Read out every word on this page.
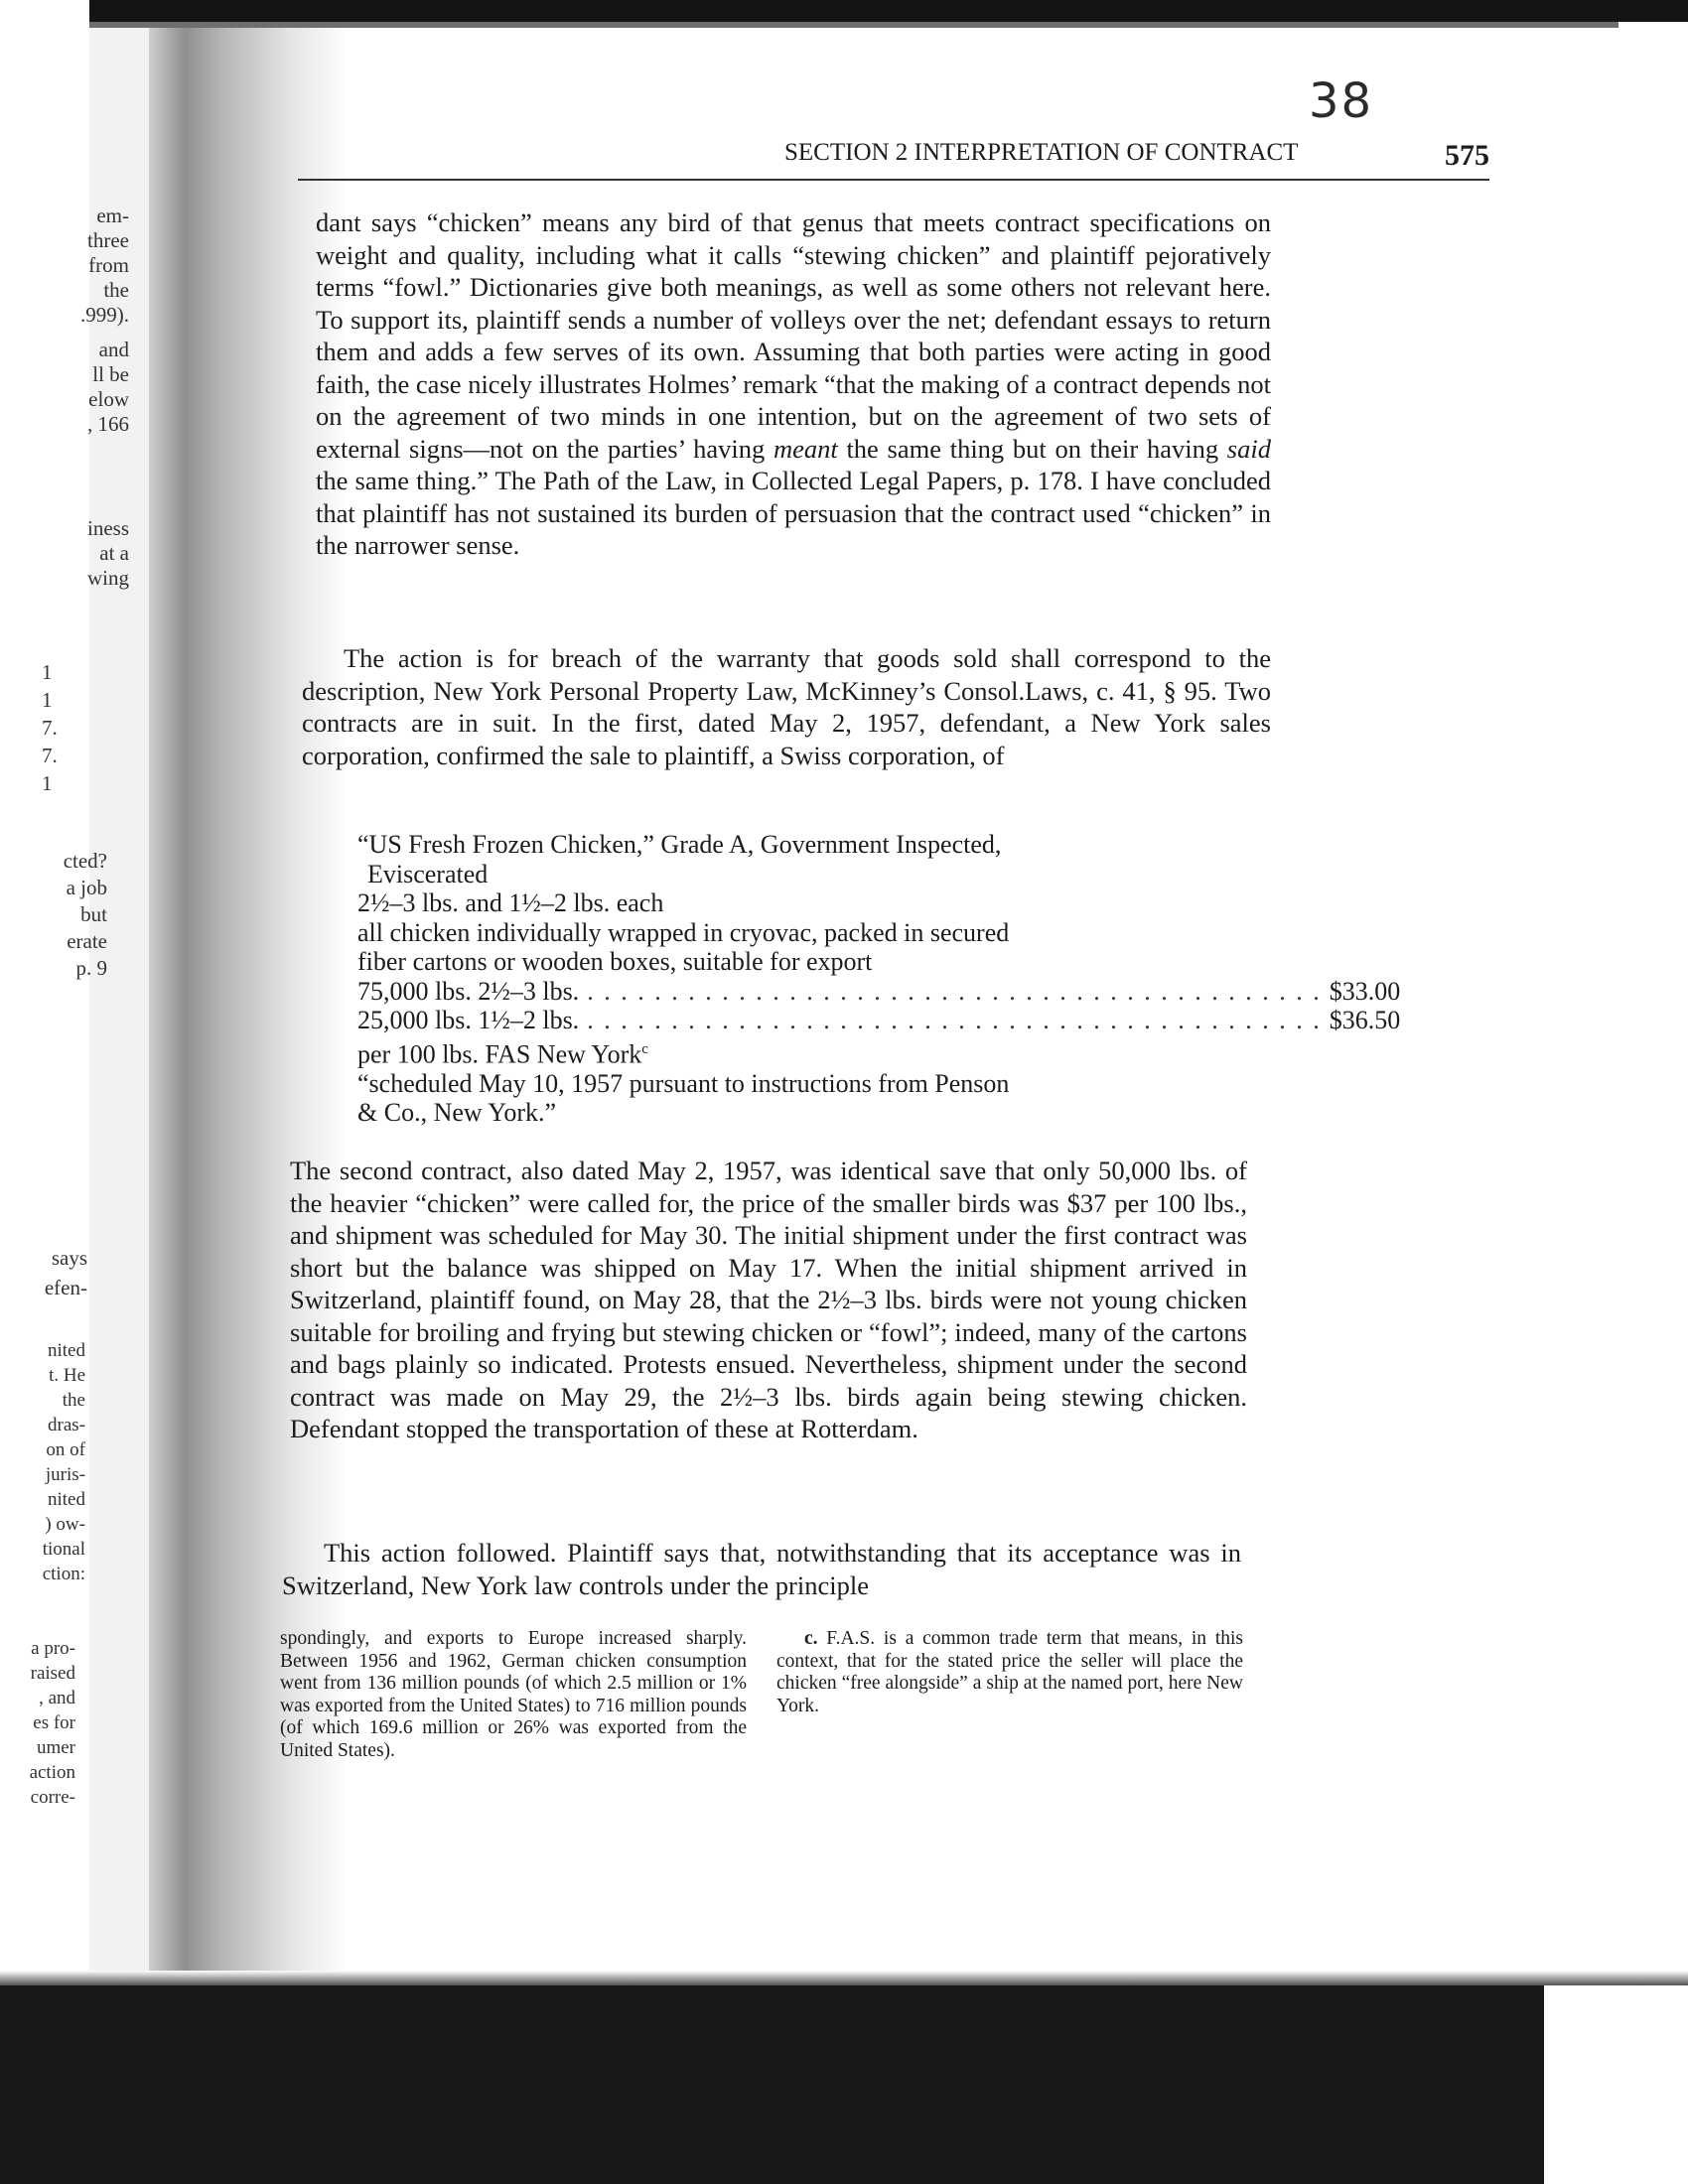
38
SECTION 2 INTERPRETATION OF CONTRACT	575
em-
three
from
the
.999).
and
ll be
elow
, 166
iness
at a
wing
1
1
7.
7.
1
cted?
a job
but
erate
p. 9
says
efen-
nited
t. He
the
dras-
on of
juris-
nited
) ow-
tional
ction:
a pro-
raised
, and
es for
umer
action
corre-

dant says “chicken” means any bird of that genus that meets contract specifications on weight and quality, including what it calls “stewing chicken” and plaintiff pejoratively terms “fowl.” Dictionaries give both meanings, as well as some others not relevant here. To support its, plaintiff sends a number of volleys over the net; defendant essays to return them and adds a few serves of its own. Assuming that both parties were acting in good faith, the case nicely illustrates Holmes’ remark “that the making of a contract depends not on the agreement of two minds in one intention, but on the agreement of two sets of external signs—not on the parties’ having meant the same thing but on their having said the same thing.” The Path of the Law, in Collected Legal Papers, p. 178. I have concluded that plaintiff has not sustained its burden of persuasion that the contract used “chicken” in the narrower sense.

The action is for breach of the warranty that goods sold shall correspond to the description, New York Personal Property Law, McKinney’s Consol.Laws, c. 41, § 95. Two contracts are in suit. In the first, dated May 2, 1957, defendant, a New York sales corporation, confirmed the sale to plaintiff, a Swiss corporation, of

“US Fresh Frozen Chicken,” Grade A, Government Inspected,
Eviscerated
2½–3 lbs. and 1½–2 lbs. each
all chicken individually wrapped in cryovac, packed in secured
fiber cartons or wooden boxes, suitable for export
75,000 lbs. 2½–3 lbs. . . . . . . . . . . . . . . . . . . . . . . . . . . . . . . . . . . . . . . . . . . . . $33.00
25,000 lbs. 1½–2 lbs. . . . . . . . . . . . . . . . . . . . . . . . . . . . . . . . . . . . . . . . . . . . . $36.50
per 100 lbs. FAS New York$^c$
“scheduled May 10, 1957 pursuant to instructions from Penson
& Co., New York.”

The second contract, also dated May 2, 1957, was identical save that only 50,000 lbs. of the heavier “chicken” were called for, the price of the smaller birds was $37 per 100 lbs., and shipment was scheduled for May 30. The initial shipment under the first contract was short but the balance was shipped on May 17. When the initial shipment arrived in Switzerland, plaintiff found, on May 28, that the 2½–3 lbs. birds were not young chicken suitable for broiling and frying but stewing chicken or “fowl”; indeed, many of the cartons and bags plainly so indicated. Protests ensued. Nevertheless, shipment under the second contract was made on May 29, the 2½–3 lbs. birds again being stewing chicken. Defendant stopped the transportation of these at Rotterdam.

This action followed. Plaintiff says that, notwithstanding that its acceptance was in Switzerland, New York law controls under the principle

spondingly, and exports to Europe increased sharply. Between 1956 and 1962, German chicken consumption went from 136 million pounds (of which 2.5 million or 1% was exported from the United States) to 716 million pounds (of which 169.6 million or 26% was exported from the United States).
c. F.A.S. is a common trade term that means, in this context, that for the stated price the seller will place the chicken “free alongside” a ship at the named port, here New York.
